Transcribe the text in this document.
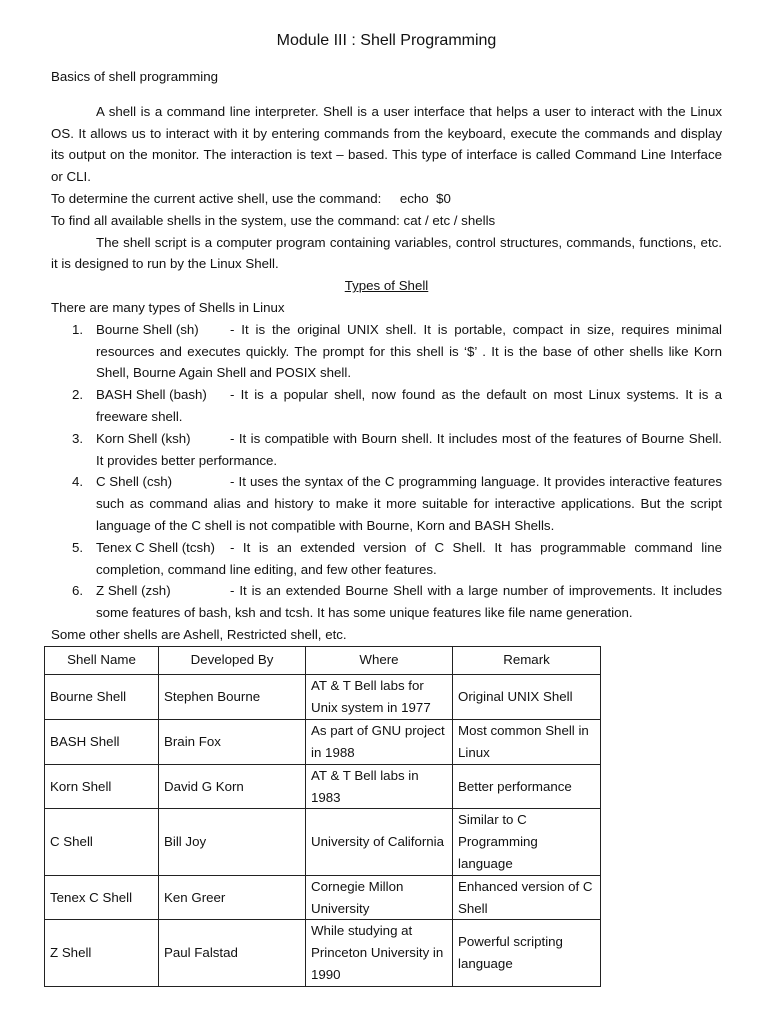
Module III : Shell Programming

Basics of shell programming

A shell is a command line interpreter. Shell is a user interface that helps a user to interact with the Linux OS. It allows us to interact with it by entering commands from the keyboard, execute the commands and display its output on the monitor. The interaction is text – based. This type of interface is called Command Line Interface or CLI.

To determine the current active shell, use the command:     echo  $0

To find all available shells in the system, use the command: cat / etc / shells

The shell script is a computer program containing variables, control structures, commands, functions, etc. it is designed to run by the Linux Shell.

Types of Shell

There are many types of Shells in Linux

1. Bourne Shell (sh) - It is the original UNIX shell. It is portable, compact in size, requires minimal resources and executes quickly. The prompt for this shell is ‘$’ . It is the base of other shells like Korn Shell, Bourne Again Shell and POSIX shell.
2. BASH Shell (bash) - It is a popular shell, now found as the default on most Linux systems. It is a freeware shell.
3. Korn Shell (ksh)	- It is compatible with Bourn shell. It includes most of the features of Bourne Shell. It provides better performance.
4. C Shell (csh)	- It uses the syntax of the C programming language. It provides interactive features such as command alias and history to make it more suitable for interactive applications. But the script language of the C shell is not compatible with Bourne, Korn and BASH Shells.
5. Tenex C Shell (tcsh) - It is an extended version of C Shell. It has programmable command line completion, command line editing, and few other features.
6. Z Shell (zsh)	- It is an extended Bourne Shell with a large number of improvements. It includes some features of bash, ksh and tcsh. It has some unique features like file name generation.

Some other shells are Ashell, Restricted shell, etc.

Shell Name	Developed By	Where	Remark
Bourne Shell	Stephen Bourne	AT & T Bell labs for Unix system in 1977	Original UNIX Shell
BASH Shell	Brain Fox	As part of GNU project in 1988	Most common Shell in Linux
Korn Shell	David G Korn	AT & T Bell labs in 1983	Better performance
C Shell	Bill Joy	University of California	Similar to C Programming language
Tenex C Shell	Ken Greer	Cornegie Millon University	Enhanced version of C Shell
Z Shell	Paul Falstad	While studying at Princeton University in 1990	Powerful scripting language
